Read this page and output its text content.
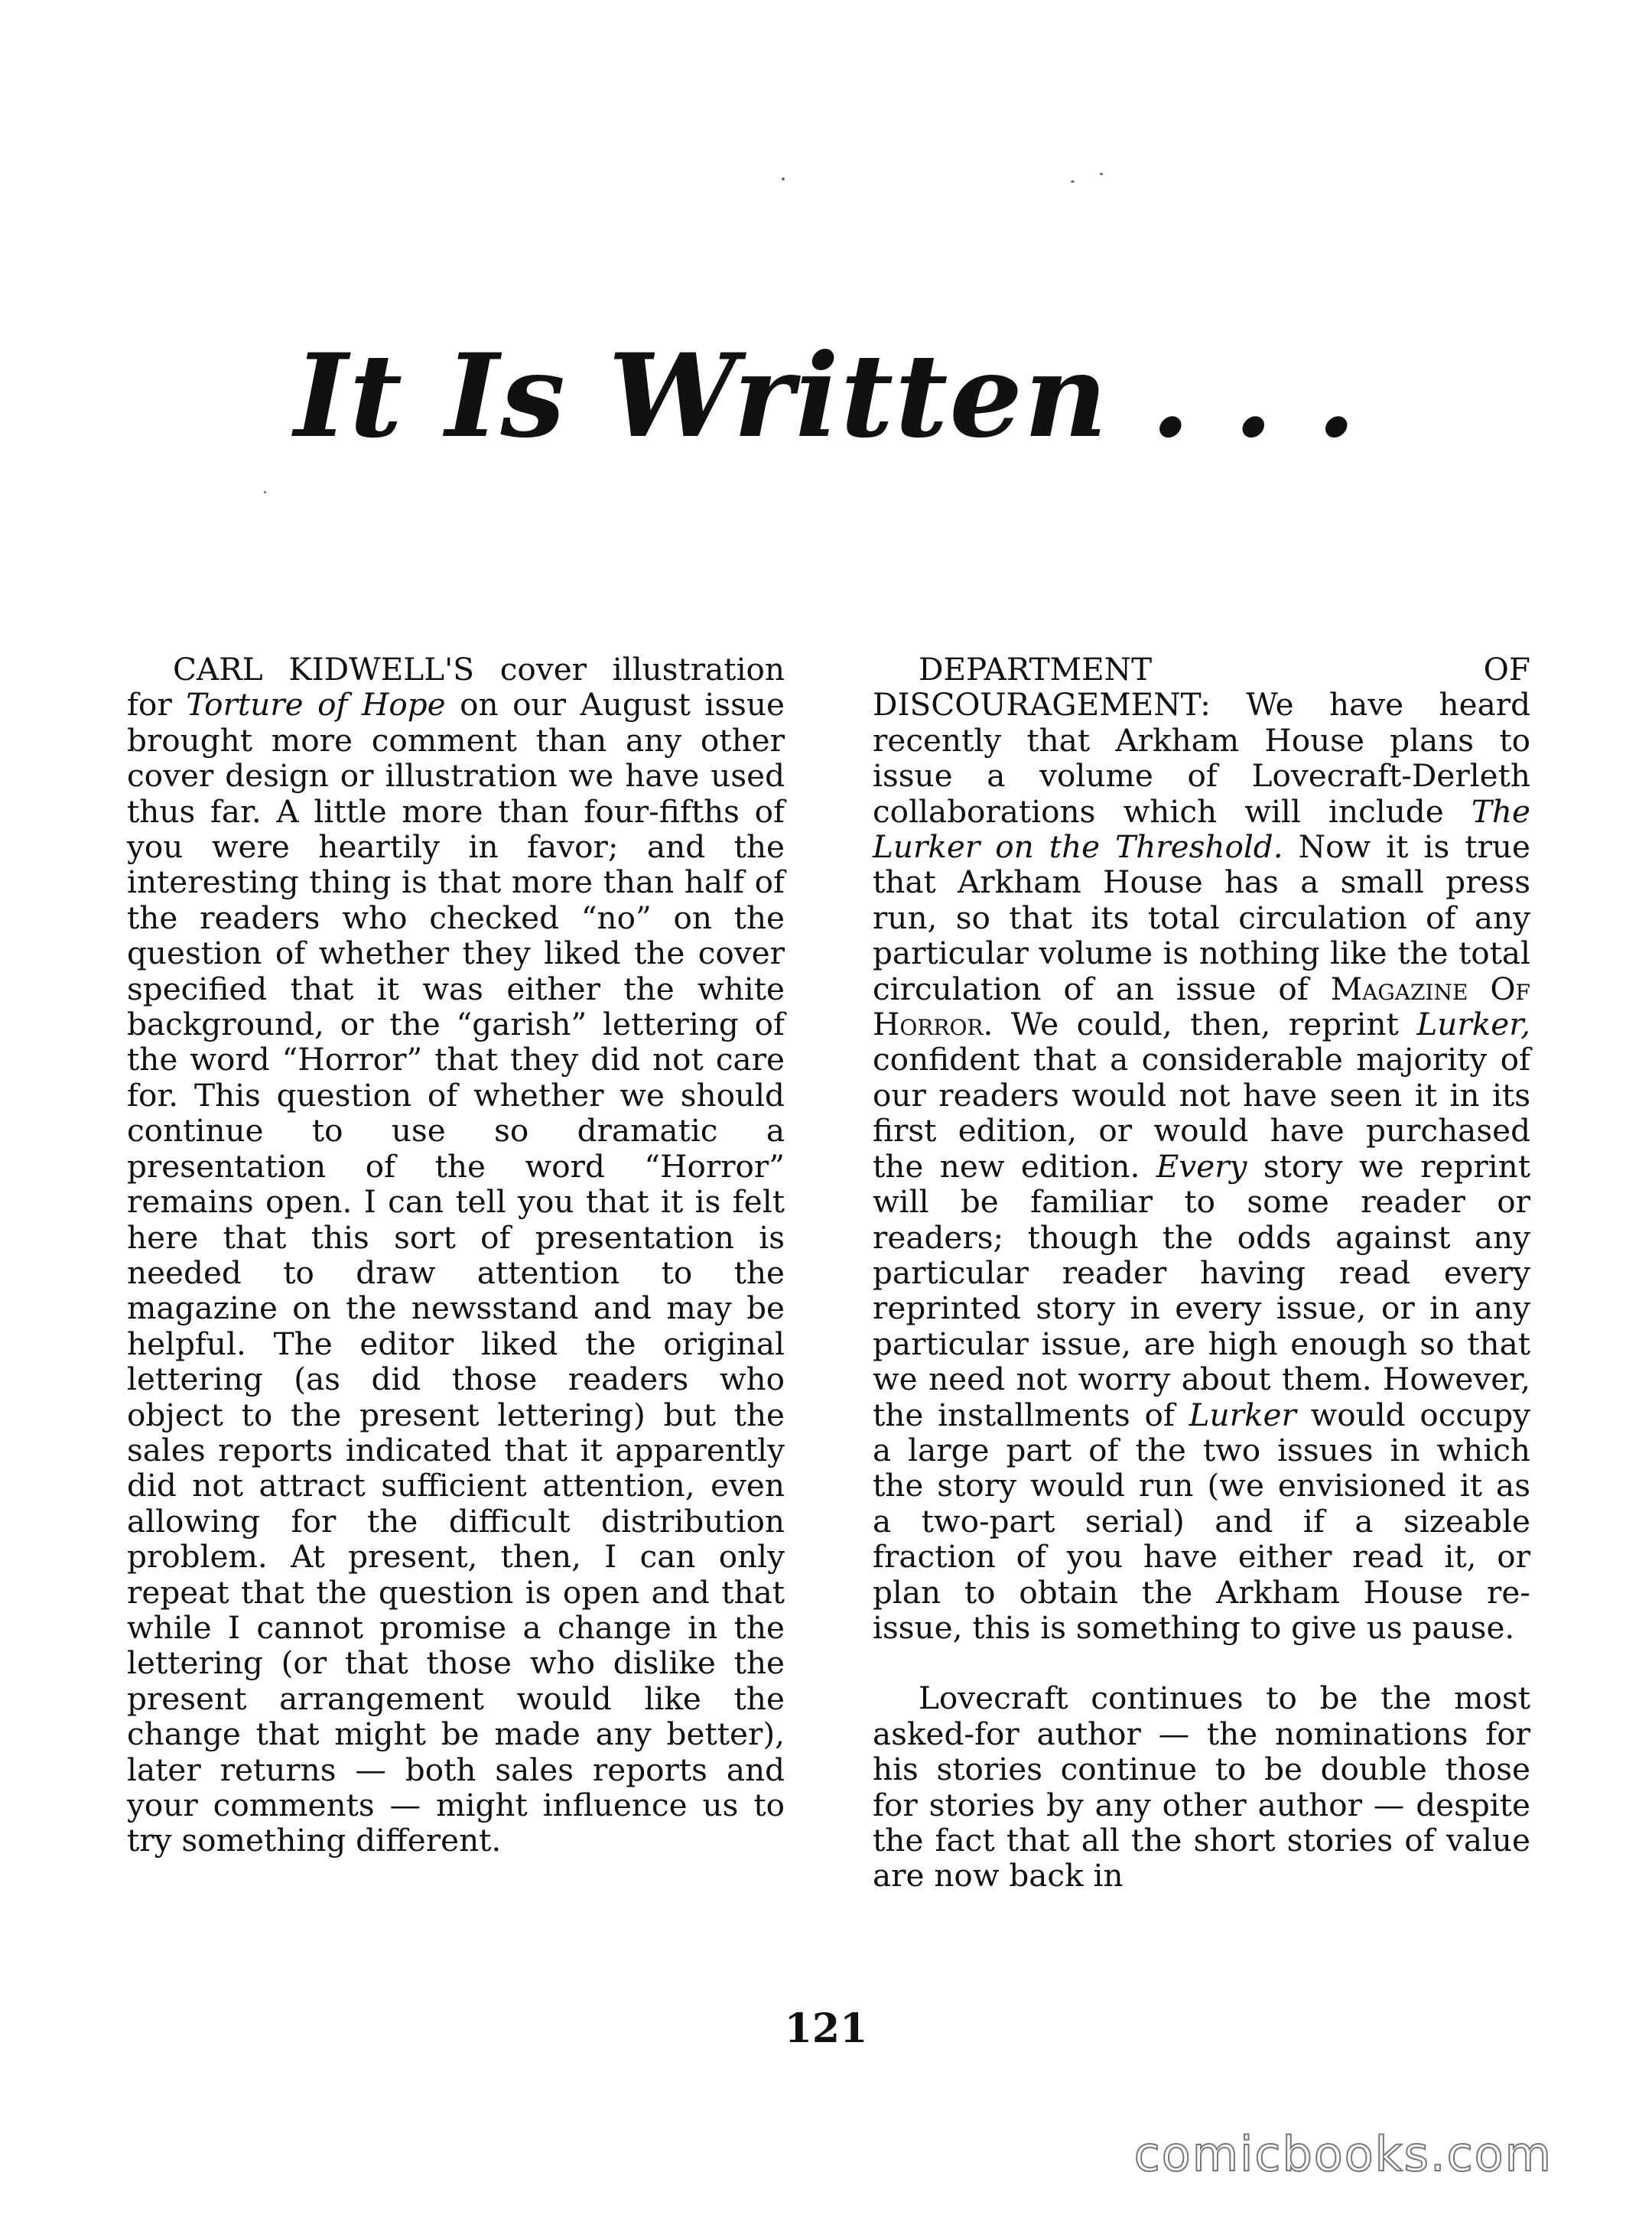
It Is Written . . .

CARL KIDWELL'S cover illustration for Torture of Hope on our August issue brought more comment than any other cover design or illustration we have used thus far. A little more than four-fifths of you were heartily in favor; and the interesting thing is that more than half of the readers who checked “no” on the question of whether they liked the cover specified that it was either the white background, or the “garish” lettering of the word “Horror” that they did not care for. This question of whether we should continue to use so dramatic a presentation of the word “Horror” remains open. I can tell you that it is felt here that this sort of presentation is needed to draw attention to the magazine on the newsstand and may be helpful. The editor liked the original lettering (as did those readers who object to the present lettering) but the sales reports indicated that it apparently did not attract sufficient attention, even allowing for the difficult distribution problem. At present, then, I can only repeat that the question is open and that while I cannot promise a change in the lettering (or that those who dislike the present arrangement would like the change that might be made any better), later returns — both sales reports and your comments — might influence us to try something different.

DEPARTMENT OF DISCOURAGEMENT: We have heard recently that Arkham House plans to issue a volume of Lovecraft-Derleth collaborations which will include The Lurker on the Threshold. Now it is true that Arkham House has a small press run, so that its total circulation of any particular volume is nothing like the total circulation of an issue of Magazine Of Horror. We could, then, reprint Lurker, confident that a considerable majority of our readers would not have seen it in its first edition, or would have purchased the new edition. Every story we reprint will be familiar to some reader or readers; though the odds against any particular reader having read every reprinted story in every issue, or in any particular issue, are high enough so that we need not worry about them. However, the installments of Lurker would occupy a large part of the two issues in which the story would run (we envisioned it as a two-part serial) and if a sizeable fraction of you have either read it, or plan to obtain the Arkham House re-issue, this is something to give us pause.

Lovecraft continues to be the most asked-for author — the nominations for his stories continue to be double those for stories by any other author — despite the fact that all the short stories of value are now back in

121
comicbooks.com
